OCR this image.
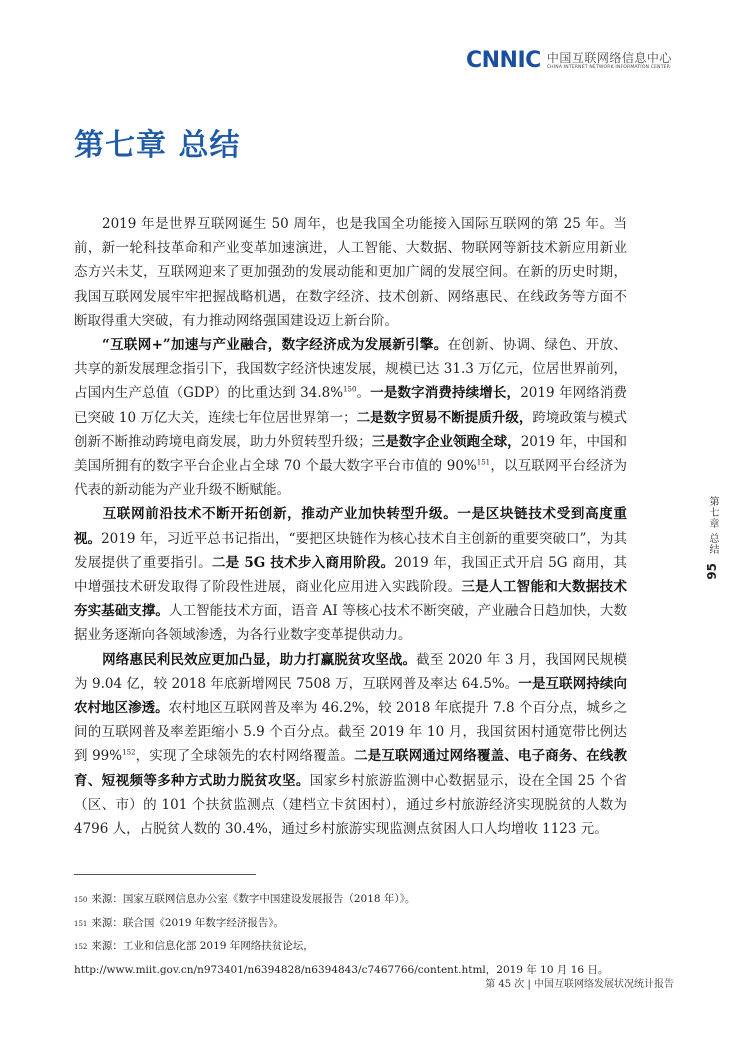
CNNIC 中国互联网络信息中心
CHINA INTERNET NETWORK INFORMATION CENTER
第七章 总结

2019 年是世界互联网诞生 50 周年，也是我国全功能接入国际互联网的第 25 年。当前，新一轮科技革命和产业变革加速演进，人工智能、大数据、物联网等新技术新应用新业态方兴未艾，互联网迎来了更加强劲的发展动能和更加广阔的发展空间。在新的历史时期，我国互联网发展牢牢把握战略机遇，在数字经济、技术创新、网络惠民、在线政务等方面不断取得重大突破，有力推动网络强国建设迈上新台阶。

“互联网+”加速与产业融合，数字经济成为发展新引擎。在创新、协调、绿色、开放、共享的新发展理念指引下，我国数字经济快速发展，规模已达 31.3 万亿元，位居世界前列，占国内生产总值（GDP）的比重达到 34.8%$^{150}$。一是数字消费持续增长，2019 年网络消费已突破 10 万亿大关，连续七年位居世界第一；二是数字贸易不断提质升级，跨境政策与模式创新不断推动跨境电商发展，助力外贸转型升级；三是数字企业领跑全球，2019 年，中国和美国所拥有的数字平台企业占全球 70 个最大数字平台市值的 90%$^{151}$，以互联网平台经济为代表的新动能为产业升级不断赋能。

互联网前沿技术不断开拓创新，推动产业加快转型升级。一是区块链技术受到高度重视。2019 年，习近平总书记指出，“要把区块链作为核心技术自主创新的重要突破口”，为其发展提供了重要指引。二是 5G 技术步入商用阶段。2019 年，我国正式开启 5G 商用，其中增强技术研发取得了阶段性进展，商业化应用进入实践阶段。三是人工智能和大数据技术夯实基础支撑。人工智能技术方面，语音 AI 等核心技术不断突破，产业融合日趋加快，大数据业务逐渐向各领域渗透，为各行业数字变革提供动力。

网络惠民利民效应更加凸显，助力打赢脱贫攻坚战。截至 2020 年 3 月，我国网民规模为 9.04 亿，较 2018 年底新增网民 7508 万，互联网普及率达 64.5%。一是互联网持续向农村地区渗透。农村地区互联网普及率为 46.2%，较 2018 年底提升 7.8 个百分点，城乡之间的互联网普及率差距缩小 5.9 个百分点。截至 2019 年 10 月，我国贫困村通宽带比例达到 99%$^{152}$，实现了全球领先的农村网络覆盖。二是互联网通过网络覆盖、电子商务、在线教育、短视频等多种方式助力脱贫攻坚。国家乡村旅游监测中心数据显示，设在全国 25 个省（区、市）的 101 个扶贫监测点（建档立卡贫困村），通过乡村旅游经济实现脱贫的人数为 4796 人，占脱贫人数的 30.4%，通过乡村旅游实现监测点贫困人口人均增收 1123 元。

150 来源：国家互联网信息办公室《数字中国建设发展报告（2018 年）》。

151 来源：联合国《2019 年数字经济报告》。

152 来源：工业和信息化部 2019 年网络扶贫论坛，

http://www.miit.gov.cn/n973401/n6394828/n6394843/c7467766/content.html，2019 年 10 月 16 日。

第七章 总结
95
第 45 次 | 中国互联网络发展状况统计报告
